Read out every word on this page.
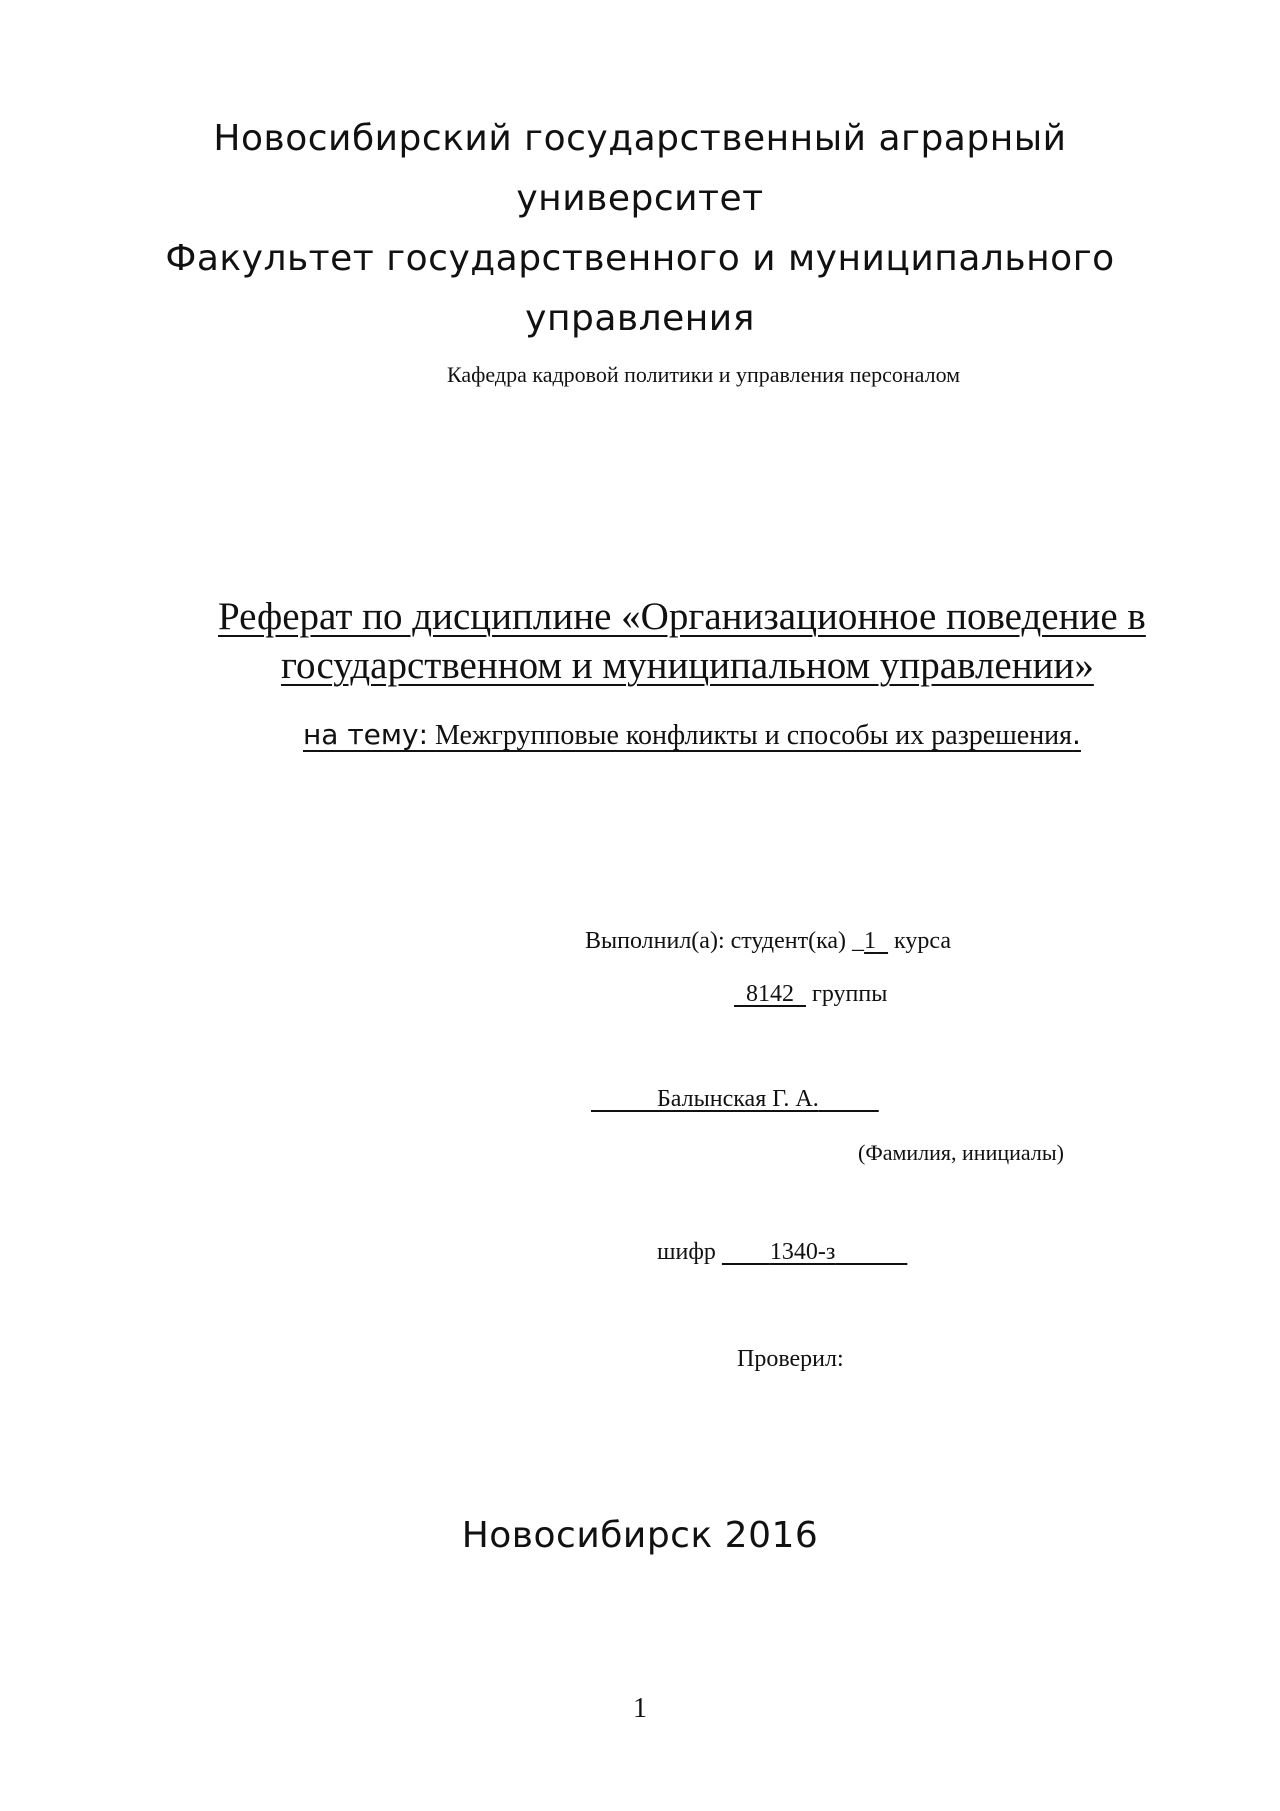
Новосибирский государственный аграрный
университет
Факультет государственного и муниципального
управления
Кафедра кадровой политики и управления персоналом
Реферат по дисциплине «Организационное поведение в
государственном и муниципальном управлении»
на тему: Межгрупповые конфликты и способы их разрешения.
Выполнил(а): студент(ка) _1 курса
8142 группы
Балынская Г. А.
(Фамилия, инициалы)
шифр 1340-з
Проверил:
Новосибирск 2016
1
